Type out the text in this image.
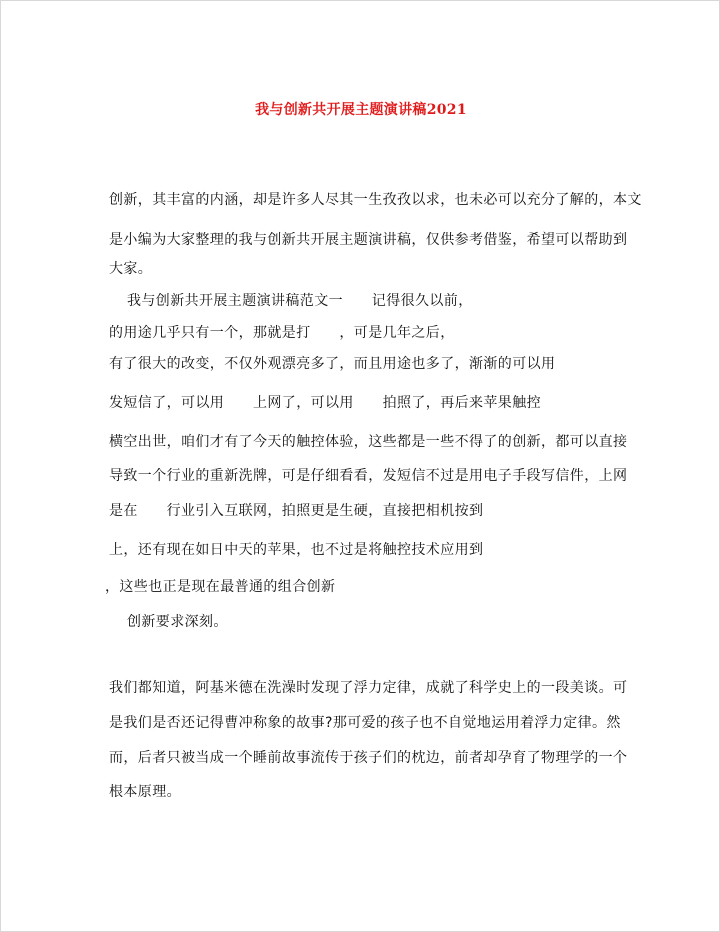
我与创新共开展主题演讲稿2021
创新，其丰富的内涵，却是许多人尽其一生孜孜以求，也未必可以充分了解的，本文
是小编为大家整理的我与创新共开展主题演讲稿，仅供参考借鉴，希望可以帮助到
大家。
我与创新共开展主题演讲稿范文一　　记得很久以前，
的用途几乎只有一个，那就是打　　，可是几年之后，
有了很大的改变，不仅外观漂亮多了，而且用途也多了，渐渐的可以用
发短信了，可以用　　上网了，可以用　　拍照了，再后来苹果触控
横空出世，咱们才有了今天的触控体验，这些都是一些不得了的创新，都可以直接
导致一个行业的重新洗牌，可是仔细看看，发短信不过是用电子手段写信件，上网
是在　　行业引入互联网，拍照更是生硬，直接把相机按到
上，还有现在如日中天的苹果，也不过是将触控技术应用到
，这些也正是现在最普通的组合创新
创新要求深刻。
我们都知道，阿基米德在洗澡时发现了浮力定律，成就了科学史上的一段美谈。可
是我们是否还记得曹冲称象的故事?那可爱的孩子也不自觉地运用着浮力定律。然
而，后者只被当成一个睡前故事流传于孩子们的枕边，前者却孕育了物理学的一个
根本原理。
